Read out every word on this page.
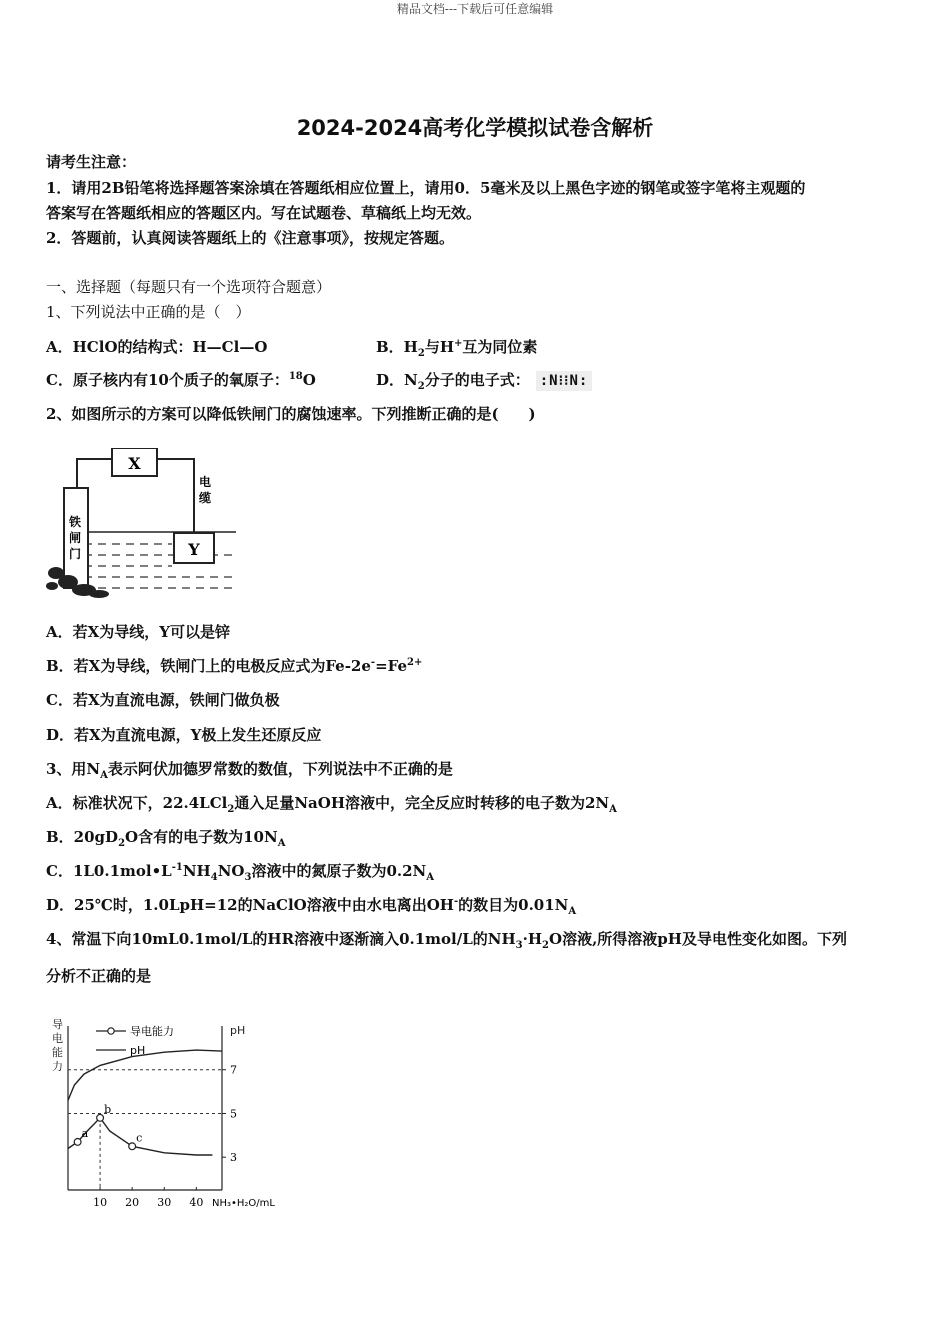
精品文档---下载后可任意编辑
2024-2024高考化学模拟试卷含解析
请考生注意：
1．请用2B铅笔将选择题答案涂填在答题纸相应位置上，请用0．5毫米及以上黑色字迹的钢笔或签字笔将主观题的
答案写在答题纸相应的答题区内。写在试题卷、草稿纸上均无效。
2．答题前，认真阅读答题纸上的《注意事项》，按规定答题。
一、选择题（每题只有一个选项符合题意）
1、下列说法中正确的是（　）
A．HClO的结构式：H—Cl—O	B．$H_2$与H+互为同位素
C．原子核内有10个质子的氧原子：$^{18}$O	D．$N_2$分子的电子式： :N⁝⁝N:
2、如图所示的方案可以降低铁闸门的腐蚀速率。下列推断正确的是(　　)
X
电缆
铁闸门	Y
A．若X为导线，Y可以是锌
B．若X为导线，铁闸门上的电极反应式为$Fe-2e^-=Fe^{2+}$
C．若X为直流电源，铁闸门做负极
D．若X为直流电源，Y极上发生还原反应
3、用$N_A$表示阿伏加德罗常数的数值，下列说法中不正确的是
A．标准状况下，22.4LCl$_2$通入足量NaOH溶液中，完全反应时转移的电子数为$2N_A$
B．$20gD_2O$含有的电子数为$10N_A$
C．$1L0.1mol•L^{-1}NH_4NO_3$溶液中的氮原子数为$0.2N_A$
D．25℃时，1.0LpH=12的NaClO溶液中由水电离出OH-的数目为$0.01N_A$
4、常温下向10mL0.1mol/L的HR溶液中逐渐滴入0.1mol/L的$NH_3\cdot H_2O$溶液,所得溶液pH及导电性变化如图。下列
分析不正确的是
导电能力
pH
导电能力
pH
7
5
3
10 20 30 40 NH₃•H₂O/mL
a
b
c
